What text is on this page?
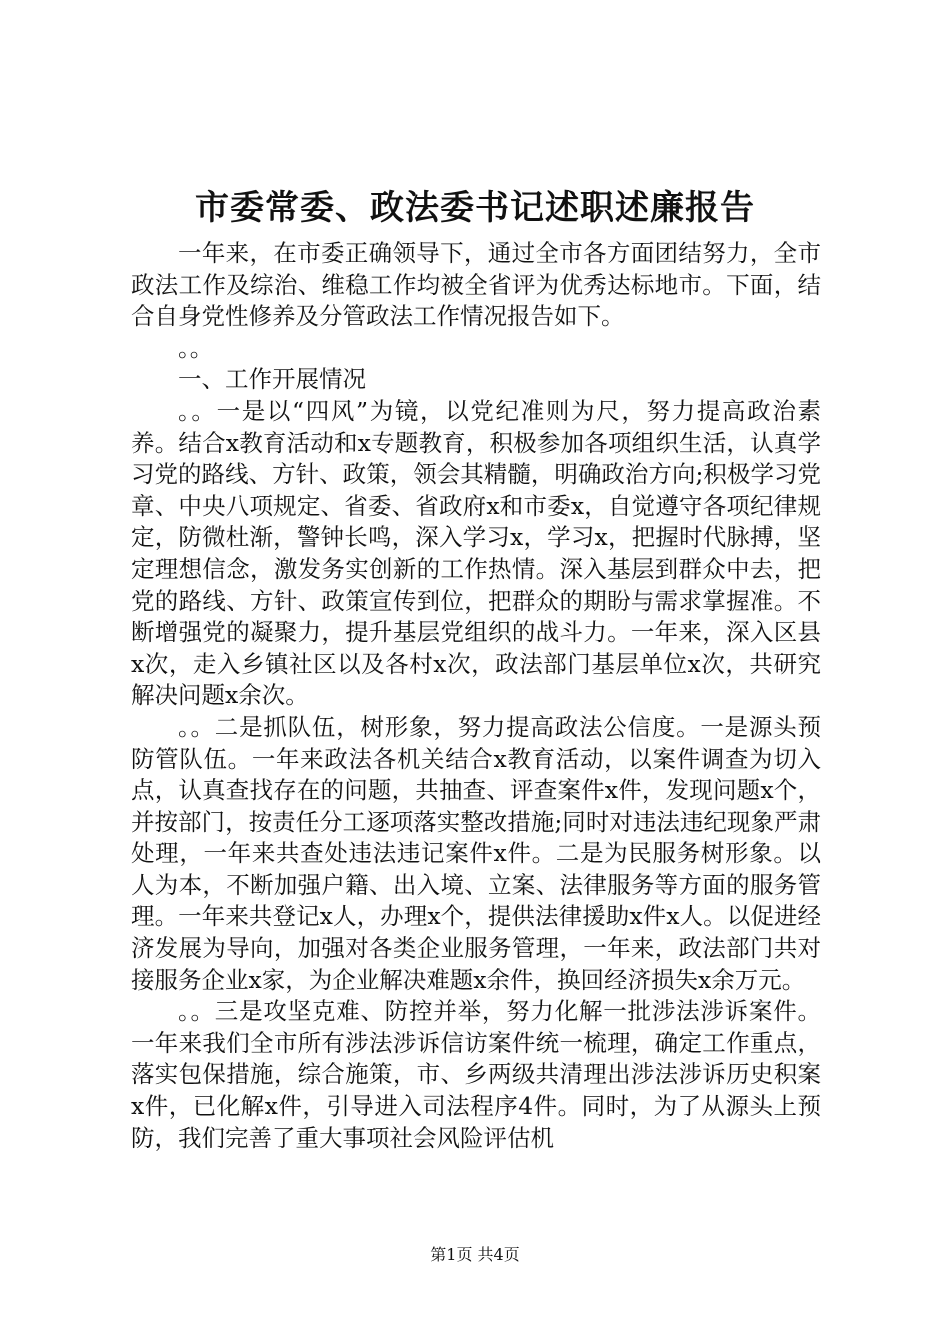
市委常委、政法委书记述职述廉报告

一年来，在市委正确领导下，通过全市各方面团结努力，全市政法工作及综治、维稳工作均被全省评为优秀达标地市。下面，结合自身党性修养及分管政法工作情况报告如下。

。。

一、工作开展情况

。。一是以“四风”为镜，以党纪准则为尺，努力提高政治素养。结合x教育活动和x专题教育，积极参加各项组织生活，认真学习党的路线、方针、政策，领会其精髓，明确政治方向;积极学习党章、中央八项规定、省委、省政府x和市委x，自觉遵守各项纪律规定，防微杜渐，警钟长鸣，深入学习x，学习x，把握时代脉搏，坚定理想信念，激发务实创新的工作热情。深入基层到群众中去，把党的路线、方针、政策宣传到位，把群众的期盼与需求掌握准。不断增强党的凝聚力，提升基层党组织的战斗力。一年来，深入区县x次，走入乡镇社区以及各村x次，政法部门基层单位x次，共研究解决问题x余次。

。。二是抓队伍，树形象，努力提高政法公信度。一是源头预防管队伍。一年来政法各机关结合x教育活动，以案件调查为切入点，认真查找存在的问题，共抽查、评查案件x件，发现问题x个，并按部门，按责任分工逐项落实整改措施;同时对违法违纪现象严肃处理，一年来共查处违法违记案件x件。二是为民服务树形象。以人为本，不断加强户籍、出入境、立案、法律服务等方面的服务管理。一年来共登记x人，办理x个，提供法律援助x件x人。以促进经济发展为导向，加强对各类企业服务管理，一年来，政法部门共对接服务企业x家，为企业解决难题x余件，换回经济损失x余万元。

。。三是攻坚克难、防控并举，努力化解一批涉法涉诉案件。一年来我们全市所有涉法涉诉信访案件统一梳理，确定工作重点，落实包保措施，综合施策，市、乡两级共清理出涉法涉诉历史积案x件，已化解x件，引导进入司法程序4件。同时，为了从源头上预防，我们完善了重大事项社会风险评估机

第1页 共4页
